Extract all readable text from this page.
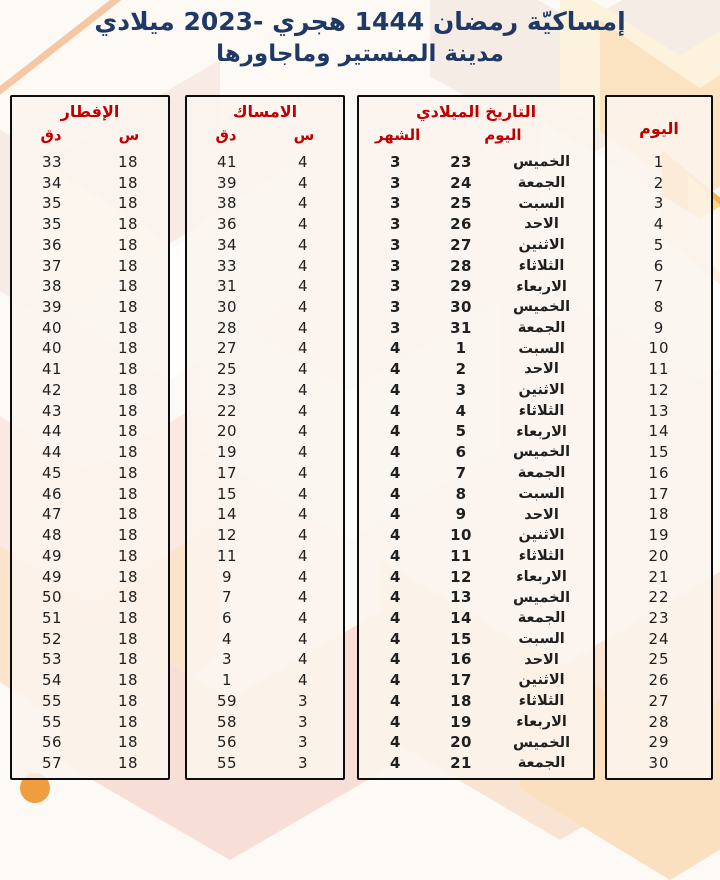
إمساكيّة رمضان 1444 هجري -2023 ميلادي
مدينة المنستير وماجاورها
الإفطار
دق	س
33	18
34	18
35	18
35	18
36	18
37	18
38	18
39	18
40	18
40	18
41	18
42	18
43	18
44	18
44	18
45	18
46	18
47	18
48	18
49	18
49	18
50	18
51	18
52	18
53	18
54	18
55	18
55	18
56	18
57	18
الامساك
دق	س
41	4
39	4
38	4
36	4
34	4
33	4
31	4
30	4
28	4
27	4
25	4
23	4
22	4
20	4
19	4
17	4
15	4
14	4
12	4
11	4
9	4
7	4
6	4
4	4
3	4
1	4
59	3
58	3
56	3
55	3
التاريخ الميلادي
الشهر	اليوم
3	23	الخميس
3	24	الجمعة
3	25	السبت
3	26	الاحد
3	27	الاثنين
3	28	الثلاثاء
3	29	الاربعاء
3	30	الخميس
3	31	الجمعة
4	1	السبت
4	2	الاحد
4	3	الاثنين
4	4	الثلاثاء
4	5	الاربعاء
4	6	الخميس
4	7	الجمعة
4	8	السبت
4	9	الاحد
4	10	الاثنين
4	11	الثلاثاء
4	12	الاربعاء
4	13	الخميس
4	14	الجمعة
4	15	السبت
4	16	الاحد
4	17	الاثنين
4	18	الثلاثاء
4	19	الاربعاء
4	20	الخميس
4	21	الجمعة
اليوم
1
2
3
4
5
6
7
8
9
10
11
12
13
14
15
16
17
18
19
20
21
22
23
24
25
26
27
28
29
30
